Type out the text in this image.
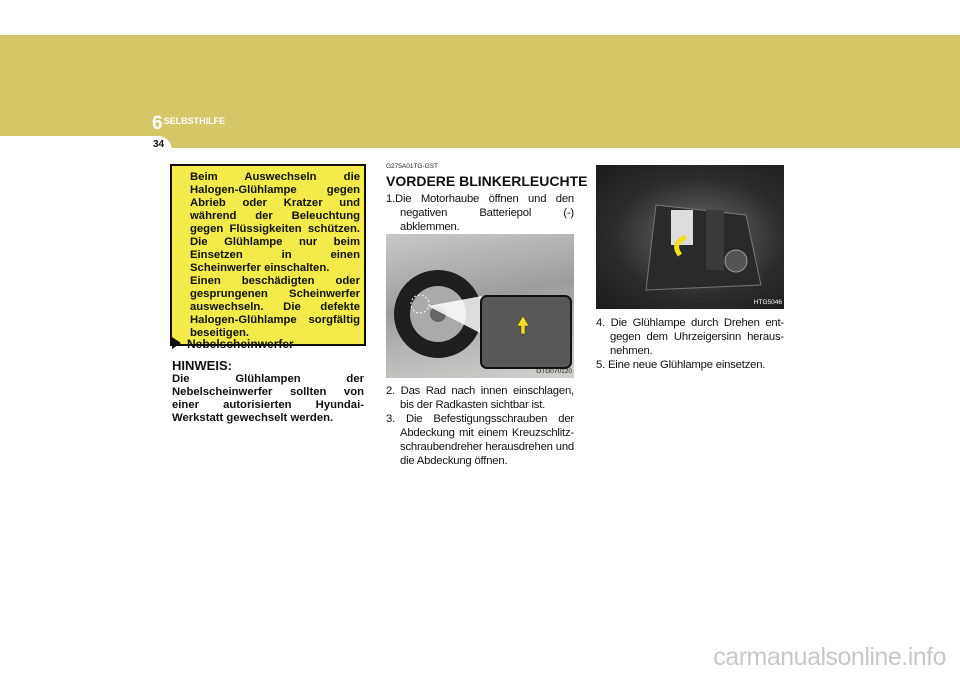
$6^{SELBSTHILFE}$
34

Beim Auswechseln die Halogen-Glühlampe gegen Abrieb oder Kratzer und während der Beleuchtung gegen Flüssigkeiten schützen. Die Glühlampe nur beim Einsetzen in einen Scheinwerfer einschalten.

Einen beschädigten oder gesprungenen Scheinwerfer auswechseln. Die defekte Halogen-Glühlampe sorgfältig beseitigen.

Nebelscheinwerfer
HINWEIS:
Die Glühlampen der Nebelscheinwerfer sollten von einer autorisierten Hyundai-Werkstatt gewechselt werden.
G275A01TG-GST
VORDERE BLINKERLEUCHTE
1.Die Motorhaube öffnen und den negativen Batteriepol (-) abklemmen.
OTG070120
2. Das Rad nach innen einschlagen, bis der Radkasten sichtbar ist.
3. Die Befestigungsschrauben der Abdeckung mit einem Kreuzschlitz-schraubendreher herausdrehen und die Abdeckung öffnen.
HTG5046
4. Die Glühlampe durch Drehen ent-gegen dem Uhrzeigersinn heraus-nehmen.
5. Eine neue Glühlampe einsetzen.
carmanualsonline.info
